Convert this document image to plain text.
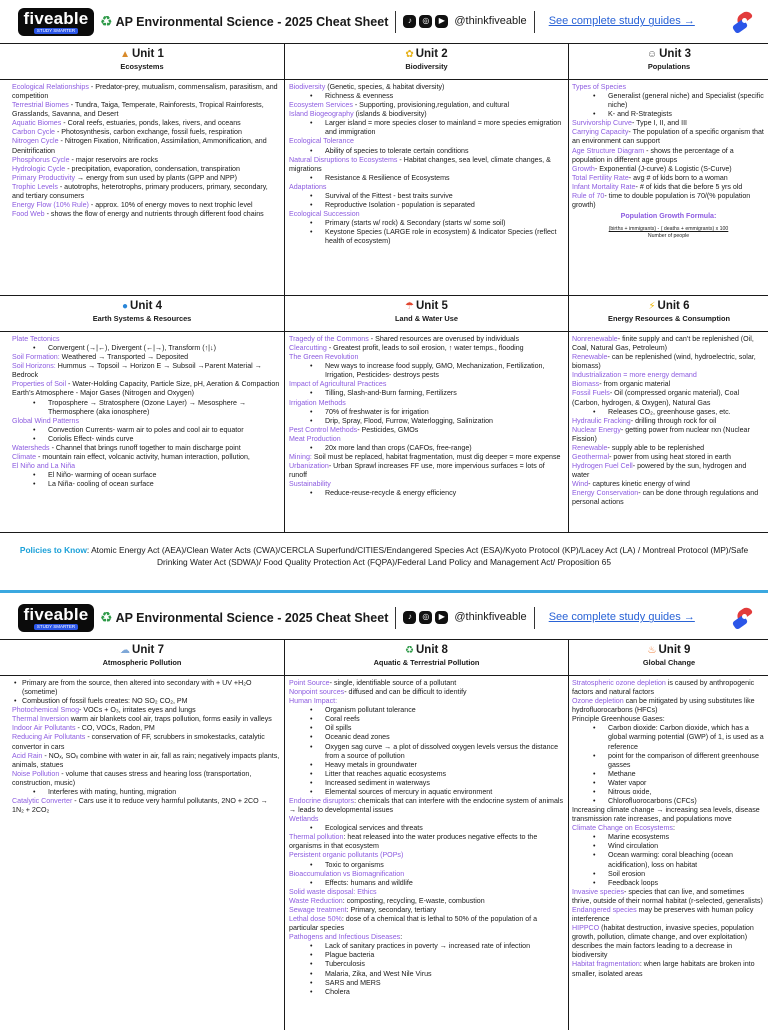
fiveable
STUDY SMARTER
♻ AP Environmental Science - 2025 Cheat Sheet	♪	◎	▶ @thinkfiveable See complete study guides →
▲ Unit 1
Ecosystems
Ecological Relationships - Predator-prey, mutualism, commensalism, parasitism, and competition
Terrestrial Biomes - Tundra, Taiga, Temperate, Rainforests, Tropical Rainforests, Grasslands, Savanna, and Desert
Aquatic Biomes - Coral reefs, estuaries, ponds, lakes, rivers, and oceans
Carbon Cycle - Photosynthesis, carbon exchange, fossil fuels, respiration
Nitrogen Cycle - Nitrogen Fixation, Nitrification, Assimilation, Ammonification, and Denitrification
Phosphorus Cycle - major reservoirs are rocks
Hydrologic Cycle - precipitation, evaporation, condensation, transpiration
Primary Productivity → energy from sun used by plants (GPP and NPP)
Trophic Levels - autotrophs, heterotrophs, primary producers, primary, secondary, and tertiary consumers
Energy Flow (10% Rule) - approx. 10% of energy moves to next trophic level
Food Web - shows the flow of energy and nutrients through different food chains
✿ Unit 2
Biodiversity
Biodiversity (Genetic, species, & habitat diversity)
• Richness & evenness
Ecosystem Services - Supporting, provisioning,regulation, and cultural
Island Biogeography (islands & biodiversity)
• Larger island = more species closer to mainland = more species emigration and immigration
Ecological Tolerance
• Ability of species to tolerate certain conditions
Natural Disruptions to Ecosystems - Habitat changes, sea level, climate changes, & migrations
• Resistance & Resilience of Ecosystems
Adaptations
• Survival of the Fittest - best traits survive
• Reproductive Isolation - population is separated
Ecological Succession
• Primary (starts w/ rock) & Secondary (starts w/ some soil)
• Keystone Species (LARGE role in ecosystem) & Indicator Species (reflect health of ecosystem)
☺ Unit 3
Populations
Types of Species
• Generalist (general niche) and Specialist (specific niche)
• K- and R-Strategists
Survivorship Curve- Type I, II, and III
Carrying Capacity- The population of a specific organism that an environment can support
Age Structure Diagram - shows the percentage of a population in different age groups
Growth- Exponential (J-curve) & Logistic (S-Curve)
Total Fertility Rate- avg # of kids born to a woman
Infant Mortality Rate- # of kids that die before 5 yrs old
Rule of 70- time to double population is 70/(% population growth)
Population Growth Formula:
(births + immigrants) - ( deaths + emmigrants) x 100
Number of people
● Unit 4
Earth Systems & Resources
Plate Tectonics
• Convergent (→|←), Divergent (←|→), Transform (↑|↓)
Soil Formation: Weathered → Transported → Deposited
Soil Horizons: Hummus → Topsoil → Horizon E → Subsoil →Parent Material → Bedrock
Properties of Soil - Water-Holding Capacity, Particle Size, pH, Aeration & Compaction Earth’s Atmosphere - Major Gases (Nitrogen and Oxygen)
• Troposphere → Stratosphere (Ozone Layer) → Mesosphere → Thermosphere (aka ionosphere)
Global Wind Patterns
• Convection Currents- warm air to poles and cool air to equator
• Coriolis Effect- winds curve
Watersheds - Channel that brings runoff together to main discharge point
Climate - mountain rain effect, volcanic activity, human interaction, pollution,
El Niño and La Niña
• El Niño- warming of ocean surface
• La Niña- cooling of ocean surface
☂ Unit 5
Land & Water Use
Tragedy of the Commons - Shared resources are overused by individuals
Clearcutting - Greatest profit, leads to soil erosion, ↑ water temps., flooding
The Green Revolution
• New ways to increase food supply, GMO, Mechanization, Fertilization, Irrigation, Pesticides- destroys pests
Impact of Agricultural Practices
• Tilling, Slash-and-Burn farming, Fertilizers
Irrigation Methods
• 70% of freshwater is for irrigation
• Drip, Spray, Flood, Furrow, Waterlogging, Salinization
Pest Control Methods- Pesticides, GMOs
Meat Production
• 20x more land than crops (CAFOs, free-range)
Mining: Soil must be replaced, habitat fragmentation, must dig deeper = more expense
Urbanization- Urban Sprawl increases FF use, more impervious surfaces = lots of runoff
Sustainability
• Reduce-reuse-recycle & energy efficiency
⚡ Unit 6
Energy Resources & Consumption
Nonrenewable- finite supply and can’t be replenished (Oil, Coal, Natural Gas, Petroleum)
Renewable- can be replenished (wind, hydroelectric, solar, biomass)
Industrialization = more energy demand
Biomass- from organic material
Fossil Fuels- Oil (compressed organic material), Coal (Carbon, hydrogen, & Oxygen), Natural Gas
• Releases CO₂, greenhouse gases, etc.
Hydraulic Fracking- drilling through rock for oil
Nuclear Energy- getting power from nuclear rxn (Nuclear Fission)
Renewable- supply able to be replenished
Geothermal- power from using heat stored in earth
Hydrogen Fuel Cell- powered by the sun, hydrogen and water
Wind- captures kinetic energy of wind
Energy Conservation- can be done through regulations and personal actions
Policies to Know: Atomic Energy Act (AEA)/Clean Water Acts (CWA)/CERCLA Superfund/CITIES/Endangered Species Act (ESA)/Kyoto Protocol (KP)/Lacey Act (LA) / Montreal Protocol (MP)/Safe Drinking Water Act (SDWA)/ Food Quality Protection Act (FQPA)/Federal Land Policy and Management Act/ Proposition 65
fiveable
STUDY SMARTER
♻ AP Environmental Science - 2025 Cheat Sheet	♪	◎	▶ @thinkfiveable See complete study guides →
☁ Unit 7
Atmospheric Pollution
• Primary are from the source, then altered into secondary with + UV +H₂O (sometime)
• Combustion of fossil fuels creates: NO SO₂ CO₂, PM
Photochemical Smog- VOCs + O₃, irritates eyes and lungs
Thermal Inversion warm air blankets cool air, traps pollution, forms easily in valleys
Indoor Air Pollutants - CO, VOCs, Radon, PM
Reducing Air Pollutants - conservation of FF, scrubbers in smokestacks, catalytic convertor in cars
Acid Rain - NOₓ, SOₓ combine with water in air, fall as rain; negatively impacts plants, animals, statues
Noise Pollution - volume that causes stress and hearing loss (transportation, construction, music)
• Interferes with mating, hunting, migration
Catalytic Converter - Cars use it to reduce very harmful pollutants, 2NO + 2CO → 1N₂ + 2CO₂
♻ Unit 8
Aquatic & Terrestrial Pollution
Point Source- single, identifiable source of a pollutant
Nonpoint sources- diffused and can be difficult to identify
Human Impact:
• Organism pollutant tolerance
• Coral reefs
• Oil spills
• Oceanic dead zones
• Oxygen sag curve → a plot of dissolved oxygen levels versus the distance from a source of pollution
• Heavy metals in groundwater
• Litter that reaches aquatic ecosystems
• Increased sediment in waterways
• Elemental sources of mercury in aquatic environment
Endocrine disruptors: chemicals that can interfere with the endocrine system of animals → leads to developmental issues
Wetlands
• Ecological services and threats
Thermal pollution: heat released into the water produces negative effects to the organisms in that ecosystem
Persistent organic pollutants (POPs)
• Toxic to organisms
Bioaccumulation vs Biomagnification
• Effects: humans and wildlife
Solid waste disposal: Ethics
Waste Reduction: composting, recycling, E-waste, combustion
Sewage treatment: Primary, secondary, tertiary
Lethal dose 50%: dose of a chemical that is lethal to 50% of the population of a particular species
Pathogens and Infectious Diseases:
• Lack of sanitary practices in poverty → increased rate of infection
• Plague bacteria
• Tuberculosis
• Malaria, Zika, and West Nile Virus
• SARS and MERS
• Cholera
♨ Unit 9
Global Change
Stratospheric ozone depletion is caused by anthropogenic factors and natural factors
Ozone depletion can be mitigated by using substitutes like hydrofluorocarbons (HFCs)
Principle Greenhouse Gases:
• Carbon dioxide: Carbon dioxide, which has a global warming potential (GWP) of 1, is used as a reference
• point for the comparison of different greenhouse gasses
• Methane
• Water vapor
• Nitrous oxide,
• Chlorofluorocarbons (CFCs)
Increasing climate change → increasing sea levels, disease transmission rate increases, and populations move
Climate Change on Ecosystems:
• Marine ecosystems
• Wind circulation
• Ocean warming: coral bleaching (ocean acidification), loss on habitat
• Soil erosion
• Feedback loops
Invasive species- species that can live, and sometimes thrive, outside of their normal habitat (r-selected, generalists)
Endangered species may be preserves with human policy interference
HIPPCO (habitat destruction, invasive species, population growth, pollution, climate change, and over exploitation) describes the main factors leading to a decrease in biodiversity
Habitat fragmentation: when large habitats are broken into smaller, isolated areas
